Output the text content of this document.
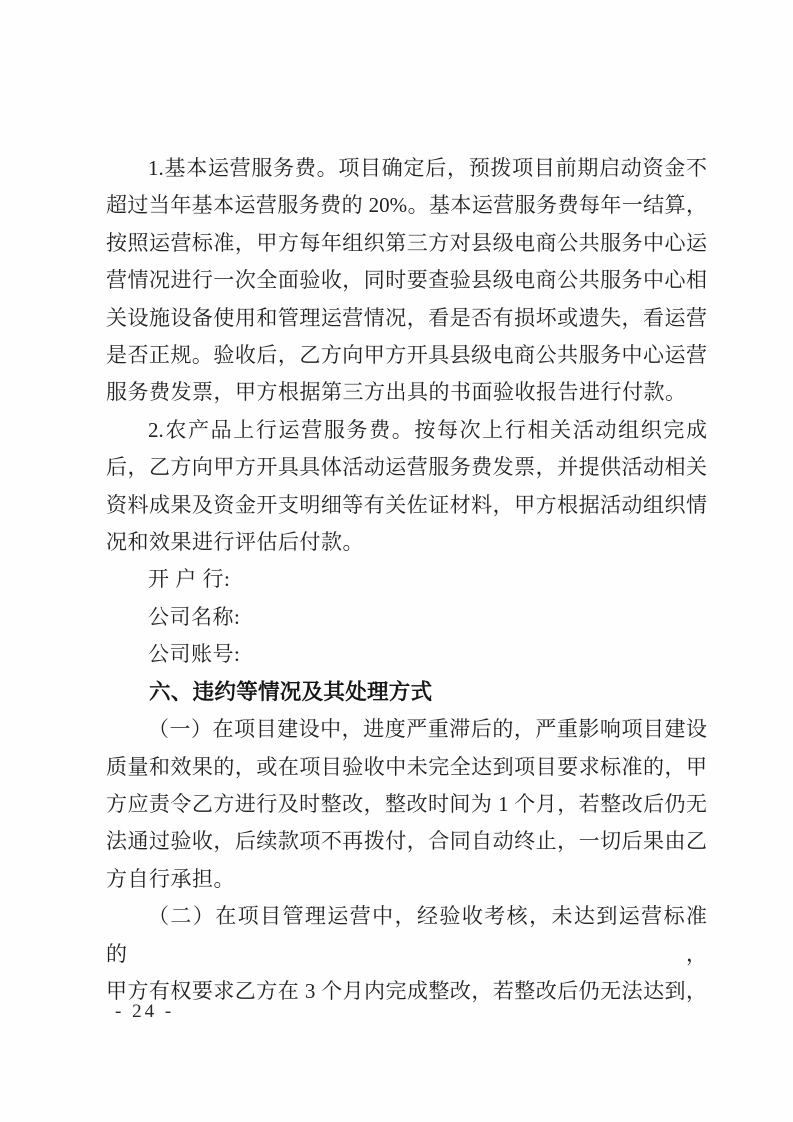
1.基本运营服务费。项目确定后，预拨项目前期启动资金不
超过当年基本运营服务费的 20%。基本运营服务费每年一结算，
按照运营标准，甲方每年组织第三方对县级电商公共服务中心运
营情况进行一次全面验收，同时要查验县级电商公共服务中心相
关设施设备使用和管理运营情况，看是否有损坏或遗失，看运营
是否正规。验收后，乙方向甲方开具县级电商公共服务中心运营
服务费发票，甲方根据第三方出具的书面验收报告进行付款。
2.农产品上行运营服务费。按每次上行相关活动组织完成
后，乙方向甲方开具具体活动运营服务费发票，并提供活动相关
资料成果及资金开支明细等有关佐证材料，甲方根据活动组织情
况和效果进行评估后付款。
开 户 行:
公司名称:
公司账号:
六、违约等情况及其处理方式
（一）在项目建设中，进度严重滞后的，严重影响项目建设
质量和效果的，或在项目验收中未完全达到项目要求标准的，甲
方应责令乙方进行及时整改，整改时间为 1 个月，若整改后仍无
法通过验收，后续款项不再拨付，合同自动终止，一切后果由乙
方自行承担。
（二）在项目管理运营中，经验收考核，未达到运营标准的，
甲方有权要求乙方在 3 个月内完成整改，若整改后仍无法达到，
- 24 -
